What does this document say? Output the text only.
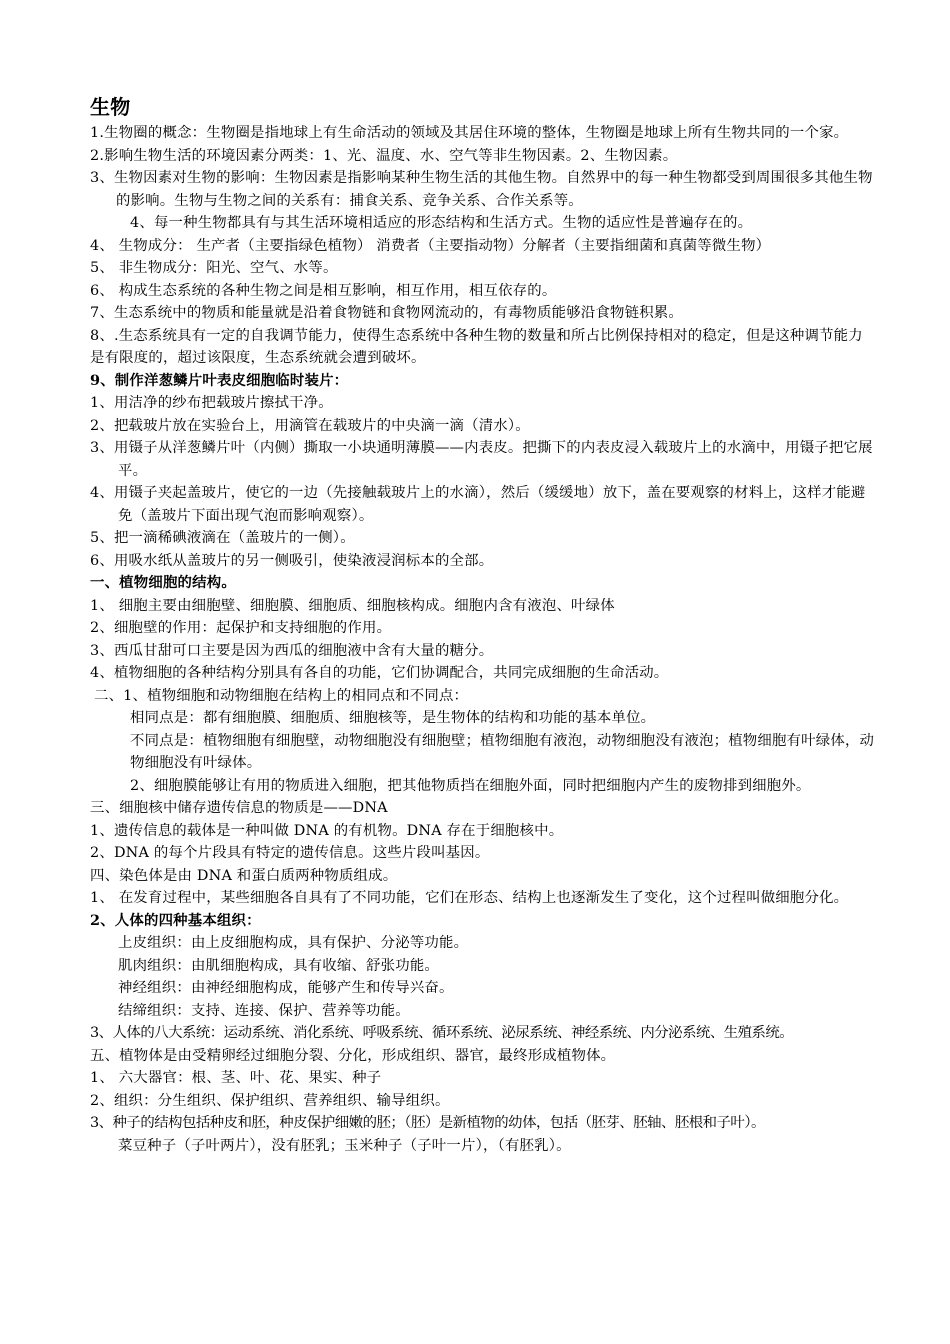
生物

1.生物圈的概念：生物圈是指地球上有生命活动的领域及其居住环境的整体，生物圈是地球上所有生物共同的一个家。

2.影响生物生活的环境因素分两类：1、光、温度、水、空气等非生物因素。2、生物因素。

3、生物因素对生物的影响：生物因素是指影响某种生物生活的其他生物。自然界中的每一种生物都受到周围很多其他生物的影响。生物与生物之间的关系有：捕食关系、竞争关系、合作关系等。

4、每一种生物都具有与其生活环境相适应的形态结构和生活方式。生物的适应性是普遍存在的。

4、 生物成分： 生产者（主要指绿色植物） 消费者（主要指动物）分解者（主要指细菌和真菌等微生物）

5、 非生物成分：阳光、空气、水等。

6、 构成生态系统的各种生物之间是相互影响，相互作用，相互依存的。

7、生态系统中的物质和能量就是沿着食物链和食物网流动的，有毒物质能够沿食物链积累。

8、.生态系统具有一定的自我调节能力，使得生态系统中各种生物的数量和所占比例保持相对的稳定，但是这种调节能力是有限度的，超过该限度，生态系统就会遭到破坏。

9、制作洋葱鳞片叶表皮细胞临时装片：

1、用洁净的纱布把载玻片擦拭干净。

2、把载玻片放在实验台上，用滴管在载玻片的中央滴一滴（清水）。

3、用镊子从洋葱鳞片叶（内侧）撕取一小块通明薄膜——内表皮。把撕下的内表皮浸入载玻片上的水滴中，用镊子把它展平。

4、用镊子夹起盖玻片，使它的一边（先接触载玻片上的水滴），然后（缓缓地）放下，盖在要观察的材料上，这样才能避免（盖玻片下面出现气泡而影响观察）。

5、把一滴稀碘液滴在（盖玻片的一侧）。

6、用吸水纸从盖玻片的另一侧吸引，使染液浸润标本的全部。

一、植物细胞的结构。

1、 细胞主要由细胞壁、细胞膜、细胞质、细胞核构成。细胞内含有液泡、叶绿体

2、细胞壁的作用：起保护和支持细胞的作用。

3、西瓜甘甜可口主要是因为西瓜的细胞液中含有大量的糖分。

4、植物细胞的各种结构分别具有各自的功能，它们协调配合，共同完成细胞的生命活动。

二、1、植物细胞和动物细胞在结构上的相同点和不同点：

相同点是：都有细胞膜、细胞质、细胞核等，是生物体的结构和功能的基本单位。

不同点是：植物细胞有细胞壁，动物细胞没有细胞壁；植物细胞有液泡，动物细胞没有液泡；植物细胞有叶绿体，动物细胞没有叶绿体。

2、细胞膜能够让有用的物质进入细胞，把其他物质挡在细胞外面，同时把细胞内产生的废物排到细胞外。

三、细胞核中储存遗传信息的物质是——DNA

1、遗传信息的载体是一种叫做 DNA 的有机物。DNA 存在于细胞核中。

2、DNA 的每个片段具有特定的遗传信息。这些片段叫基因。

四、染色体是由 DNA 和蛋白质两种物质组成。

1、 在发育过程中，某些细胞各自具有了不同功能，它们在形态、结构上也逐渐发生了变化，这个过程叫做细胞分化。

2、人体的四种基本组织：

上皮组织：由上皮细胞构成，具有保护、分泌等功能。

肌肉组织：由肌细胞构成，具有收缩、舒张功能。

神经组织：由神经细胞构成，能够产生和传导兴奋。

结缔组织：支持、连接、保护、营养等功能。

3、人体的八大系统：运动系统、消化系统、呼吸系统、循环系统、泌尿系统、神经系统、内分泌系统、生殖系统。

五、植物体是由受精卵经过细胞分裂、分化，形成组织、器官，最终形成植物体。

1、 六大器官：根、茎、叶、花、果实、种子

2、组织：分生组织、保护组织、营养组织、输导组织。

3、种子的结构包括种皮和胚，种皮保护细嫩的胚；（胚）是新植物的幼体，包括（胚芽、胚轴、胚根和子叶）。

菜豆种子（子叶两片），没有胚乳；玉米种子（子叶一片），（有胚乳）。
